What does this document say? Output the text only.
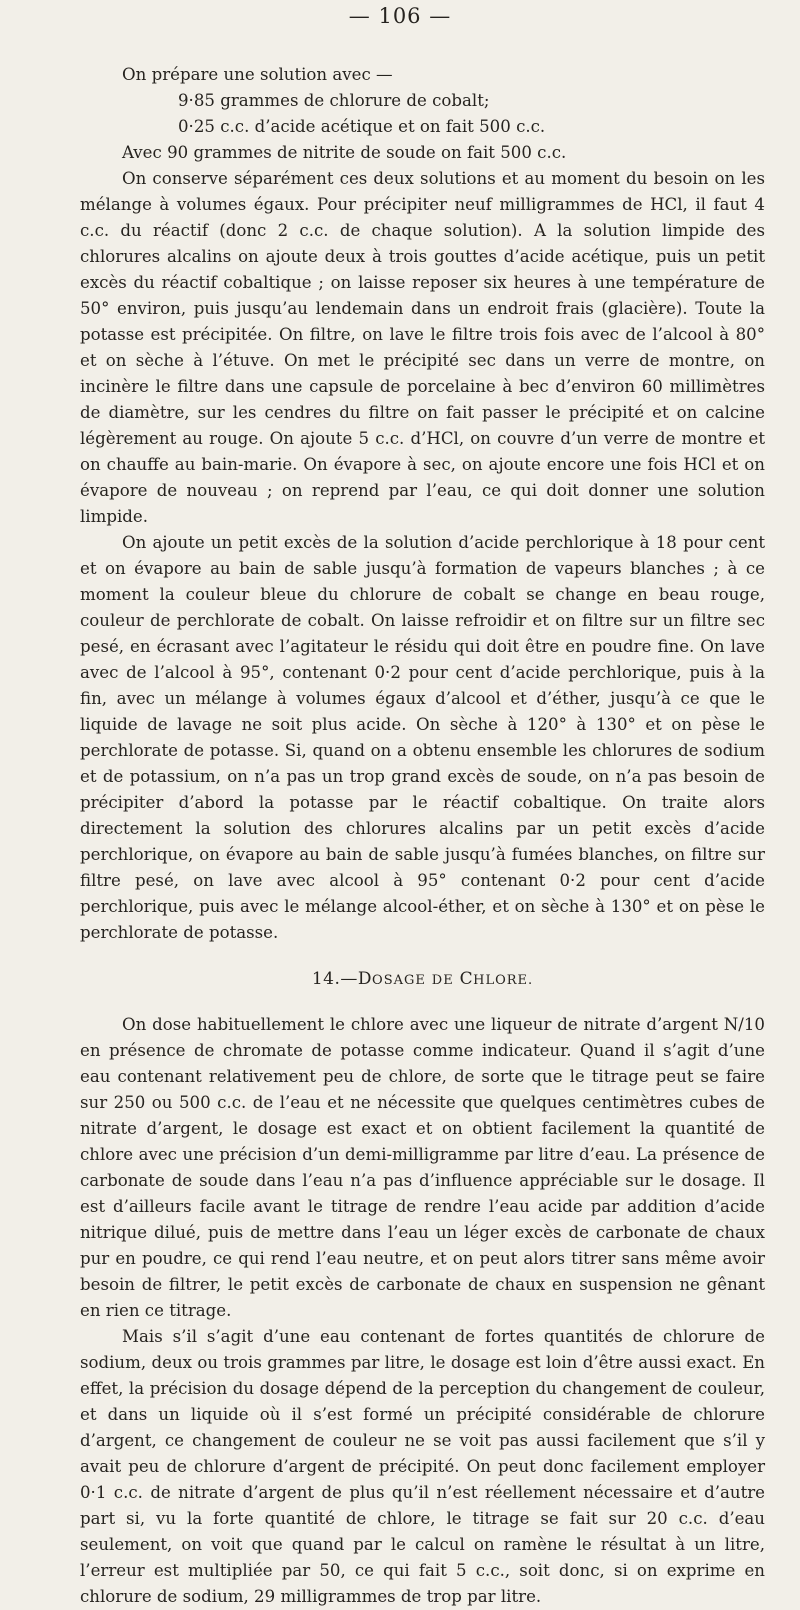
— 106 —

On prépare une solution avec —

9·85 grammes de chlorure de cobalt;
0·25 c.c. d’acide acétique et on fait 500 c.c.

Avec 90 grammes de nitrite de soude on fait 500 c.c.

On conserve séparément ces deux solutions et au moment du besoin on les mélange à volumes égaux. Pour précipiter neuf milligrammes de HCl, il faut 4 c.c. du réactif (donc 2 c.c. de chaque solution). A la solution limpide des chlorures alcalins on ajoute deux à trois gouttes d’acide acétique, puis un petit excès du réactif cobaltique ; on laisse reposer six heures à une température de 50° environ, puis jusqu’au lendemain dans un endroit frais (glacière). Toute la potasse est précipitée. On filtre, on lave le filtre trois fois avec de l’alcool à 80° et on sèche à l’étuve. On met le précipité sec dans un verre de montre, on incinère le filtre dans une capsule de porcelaine à bec d’environ 60 millimètres de diamètre, sur les cendres du filtre on fait passer le précipité et on calcine légèrement au rouge. On ajoute 5 c.c. d’HCl, on couvre d’un verre de montre et on chauffe au bain-marie. On évapore à sec, on ajoute encore une fois HCl et on évapore de nouveau ; on reprend par l’eau, ce qui doit donner une solution limpide.

On ajoute un petit excès de la solution d’acide perchlorique à 18 pour cent et on évapore au bain de sable jusqu’à formation de vapeurs blanches ; à ce moment la couleur bleue du chlorure de cobalt se change en beau rouge, couleur de perchlorate de cobalt. On laisse refroidir et on filtre sur un filtre sec pesé, en écrasant avec l’agitateur le résidu qui doit être en poudre fine. On lave avec de l’alcool à 95°, contenant 0·2 pour cent d’acide perchlorique, puis à la fin, avec un mélange à volumes égaux d’alcool et d’éther, jusqu’à ce que le liquide de lavage ne soit plus acide. On sèche à 120° à 130° et on pèse le perchlorate de potasse. Si, quand on a obtenu ensemble les chlorures de sodium et de potassium, on n’a pas un trop grand excès de soude, on n’a pas besoin de précipiter d’abord la potasse par le réactif cobaltique. On traite alors directement la solution des chlorures alcalins par un petit excès d’acide perchlorique, on évapore au bain de sable jusqu’à fumées blanches, on filtre sur filtre pesé, on lave avec alcool à 95° contenant 0·2 pour cent d’acide perchlorique, puis avec le mélange alcool-éther, et on sèche à 130° et on pèse le perchlorate de potasse.

14.—DOSAGE DE CHLORE.

On dose habituellement le chlore avec une liqueur de nitrate d’argent N/10 en présence de chromate de potasse comme indicateur. Quand il s’agit d’une eau contenant relativement peu de chlore, de sorte que le titrage peut se faire sur 250 ou 500 c.c. de l’eau et ne nécessite que quelques centimètres cubes de nitrate d’argent, le dosage est exact et on obtient facilement la quantité de chlore avec une précision d’un demi-milligramme par litre d’eau. La présence de carbonate de soude dans l’eau n’a pas d’influence appréciable sur le dosage. Il est d’ailleurs facile avant le titrage de rendre l’eau acide par addition d’acide nitrique dilué, puis de mettre dans l’eau un léger excès de carbonate de chaux pur en poudre, ce qui rend l’eau neutre, et on peut alors titrer sans même avoir besoin de filtrer, le petit excès de carbonate de chaux en suspension ne gênant en rien ce titrage.

Mais s’il s’agit d’une eau contenant de fortes quantités de chlorure de sodium, deux ou trois grammes par litre, le dosage est loin d’être aussi exact. En effet, la précision du dosage dépend de la perception du changement de couleur, et dans un liquide où il s’est formé un précipité considérable de chlorure d’argent, ce changement de couleur ne se voit pas aussi facilement que s’il y avait peu de chlorure d’argent de précipité. On peut donc facilement employer 0·1 c.c. de nitrate d’argent de plus qu’il n’est réellement nécessaire et d’autre part si, vu la forte quantité de chlore, le titrage se fait sur 20 c.c. d’eau seulement, on voit que quand par le calcul on ramène le résultat à un litre, l’erreur est multipliée par 50, ce qui fait 5 c.c., soit donc, si on exprime en chlorure de sodium, 29 milligrammes de trop par litre.
